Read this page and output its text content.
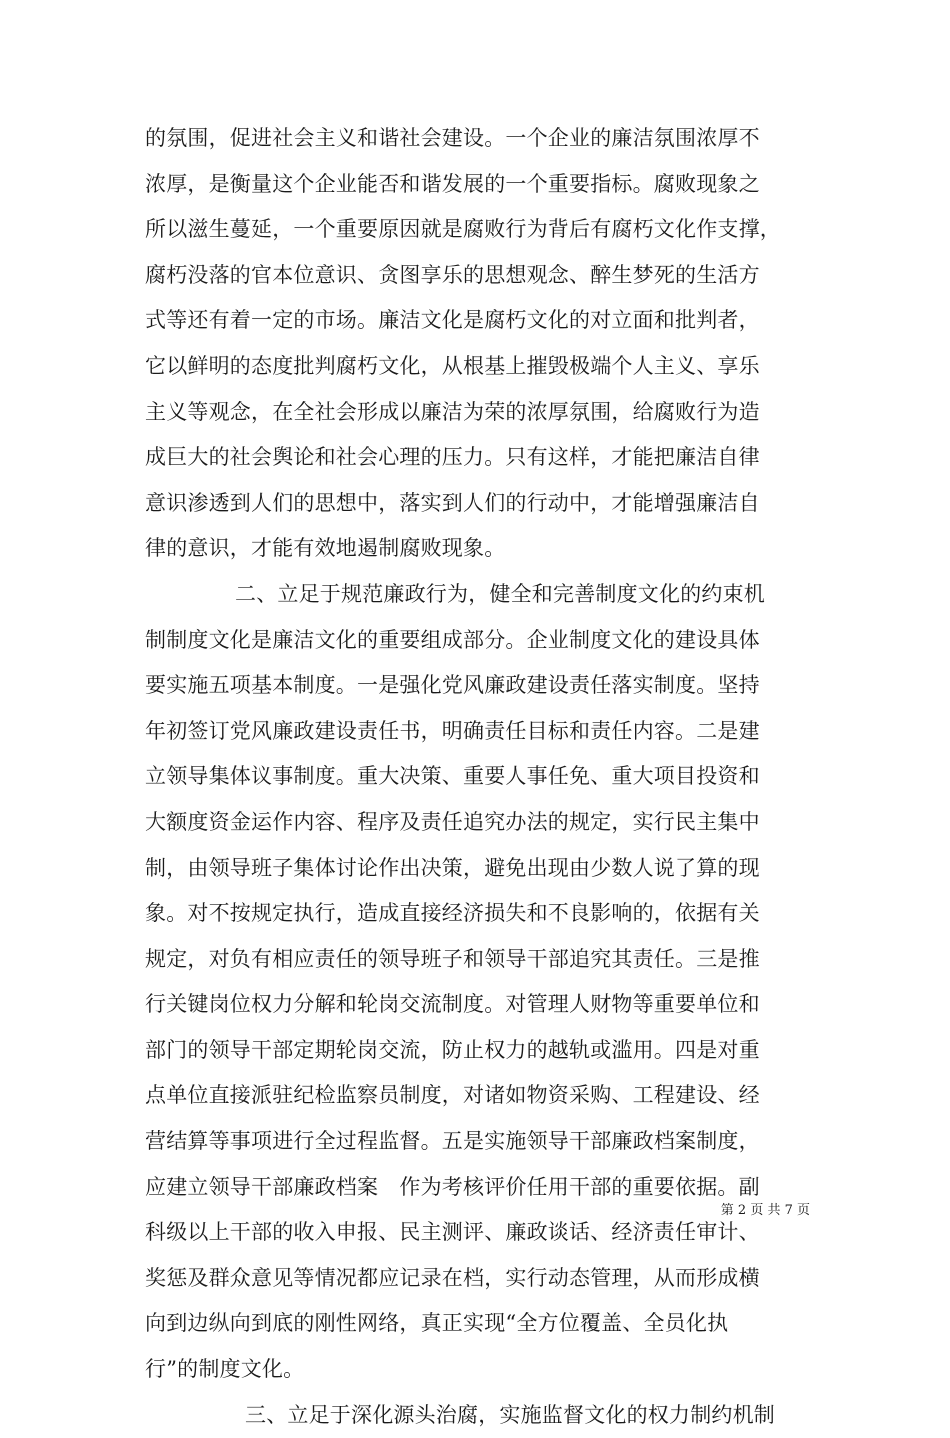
的氛围，促进社会主义和谐社会建设。一个企业的廉洁氛围浓厚不
浓厚，是衡量这个企业能否和谐发展的一个重要指标。腐败现象之
所以滋生蔓延，一个重要原因就是腐败行为背后有腐朽文化作支撑，
腐朽没落的官本位意识、贪图享乐的思想观念、醉生梦死的生活方
式等还有着一定的市场。廉洁文化是腐朽文化的对立面和批判者，
它以鲜明的态度批判腐朽文化，从根基上摧毁极端个人主义、享乐
主义等观念，在全社会形成以廉洁为荣的浓厚氛围，给腐败行为造
成巨大的社会舆论和社会心理的压力。只有这样，才能把廉洁自律
意识渗透到人们的思想中，落实到人们的行动中，才能增强廉洁自
律的意识，才能有效地遏制腐败现象。
二、立足于规范廉政行为，健全和完善制度文化的约束机
制制度文化是廉洁文化的重要组成部分。企业制度文化的建设具体
要实施五项基本制度。一是强化党风廉政建设责任落实制度。坚持
年初签订党风廉政建设责任书，明确责任目标和责任内容。二是建
立领导集体议事制度。重大决策、重要人事任免、重大项目投资和
大额度资金运作内容、程序及责任追究办法的规定，实行民主集中
制，由领导班子集体讨论作出决策，避免出现由少数人说了算的现
象。对不按规定执行，造成直接经济损失和不良影响的，依据有关
规定，对负有相应责任的领导班子和领导干部追究其责任。三是推
行关键岗位权力分解和轮岗交流制度。对管理人财物等重要单位和
部门的领导干部定期轮岗交流，防止权力的越轨或滥用。四是对重
点单位直接派驻纪检监察员制度，对诸如物资采购、工程建设、经
营结算等事项进行全过程监督。五是实施领导干部廉政档案制度，
应建立领导干部廉政档案　作为考核评价任用干部的重要依据。副
科级以上干部的收入申报、民主测评、廉政谈话、经济责任审计、
奖惩及群众意见等情况都应记录在档，实行动态管理，从而形成横
向到边纵向到底的刚性网络，真正实现“全方位覆盖、全员化执
行”的制度文化。
三、立足于深化源头治腐，实施监督文化的权力制约机制
第 2 页 共 7 页
